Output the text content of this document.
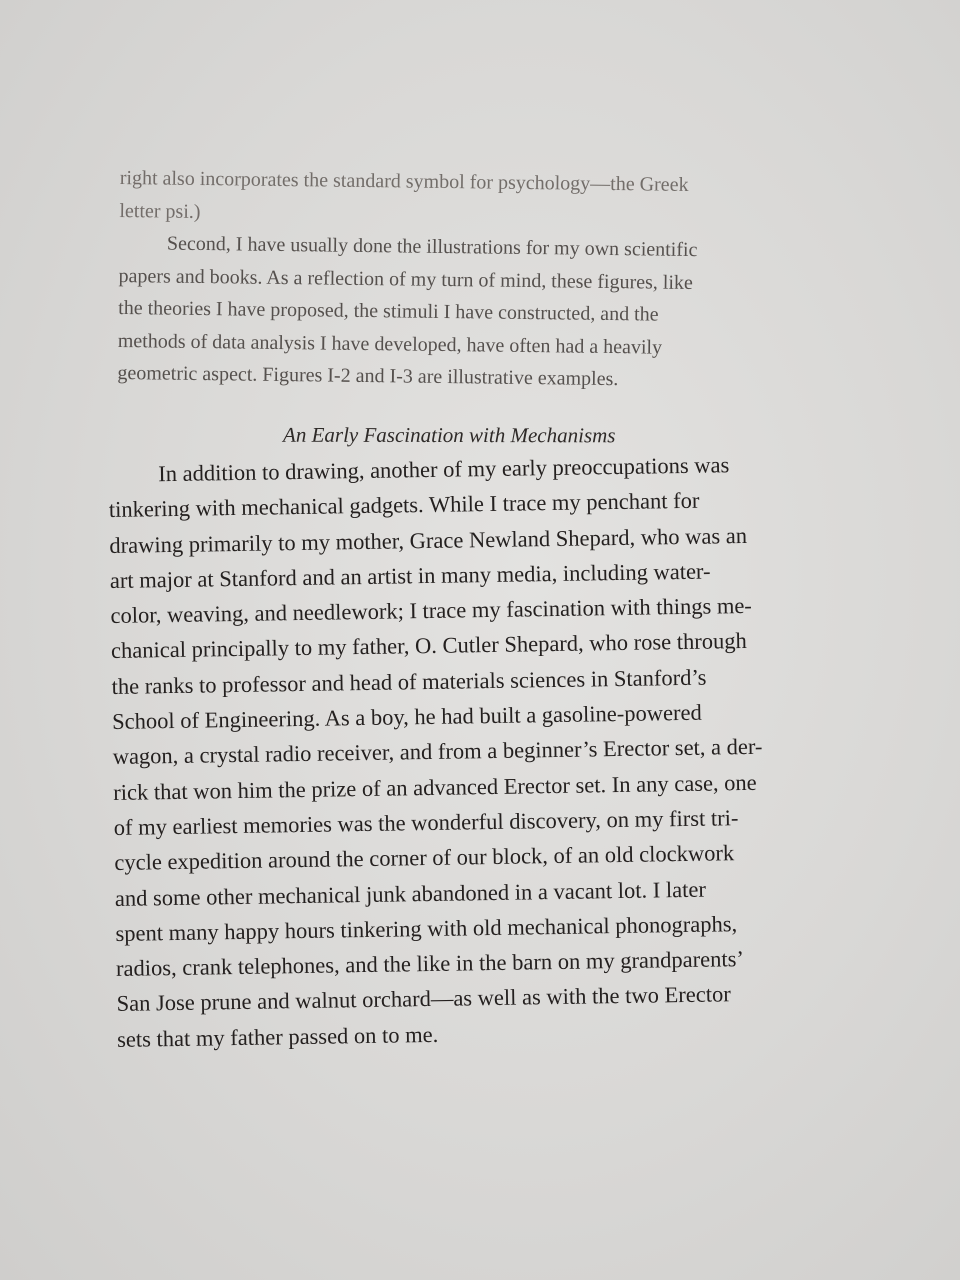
right also incorporates the standard symbol for psychology—the Greek
letter psi.)
Second, I have usually done the illustrations for my own scientific
papers and books. As a reflection of my turn of mind, these figures, like
the theories I have proposed, the stimuli I have constructed, and the
methods of data analysis I have developed, have often had a heavily
geometric aspect. Figures I-2 and I-3 are illustrative examples.
An Early Fascination with Mechanisms
In addition to drawing, another of my early preoccupations was
tinkering with mechanical gadgets. While I trace my penchant for
drawing primarily to my mother, Grace Newland Shepard, who was an
art major at Stanford and an artist in many media, including water-
color, weaving, and needlework; I trace my fascination with things me-
chanical principally to my father, O. Cutler Shepard, who rose through
the ranks to professor and head of materials sciences in Stanford’s
School of Engineering. As a boy, he had built a gasoline-powered
wagon, a crystal radio receiver, and from a beginner’s Erector set, a der-
rick that won him the prize of an advanced Erector set. In any case, one
of my earliest memories was the wonderful discovery, on my first tri-
cycle expedition around the corner of our block, of an old clockwork
and some other mechanical junk abandoned in a vacant lot. I later
spent many happy hours tinkering with old mechanical phonographs,
radios, crank telephones, and the like in the barn on my grandparents’
San Jose prune and walnut orchard—as well as with the two Erector
sets that my father passed on to me.
